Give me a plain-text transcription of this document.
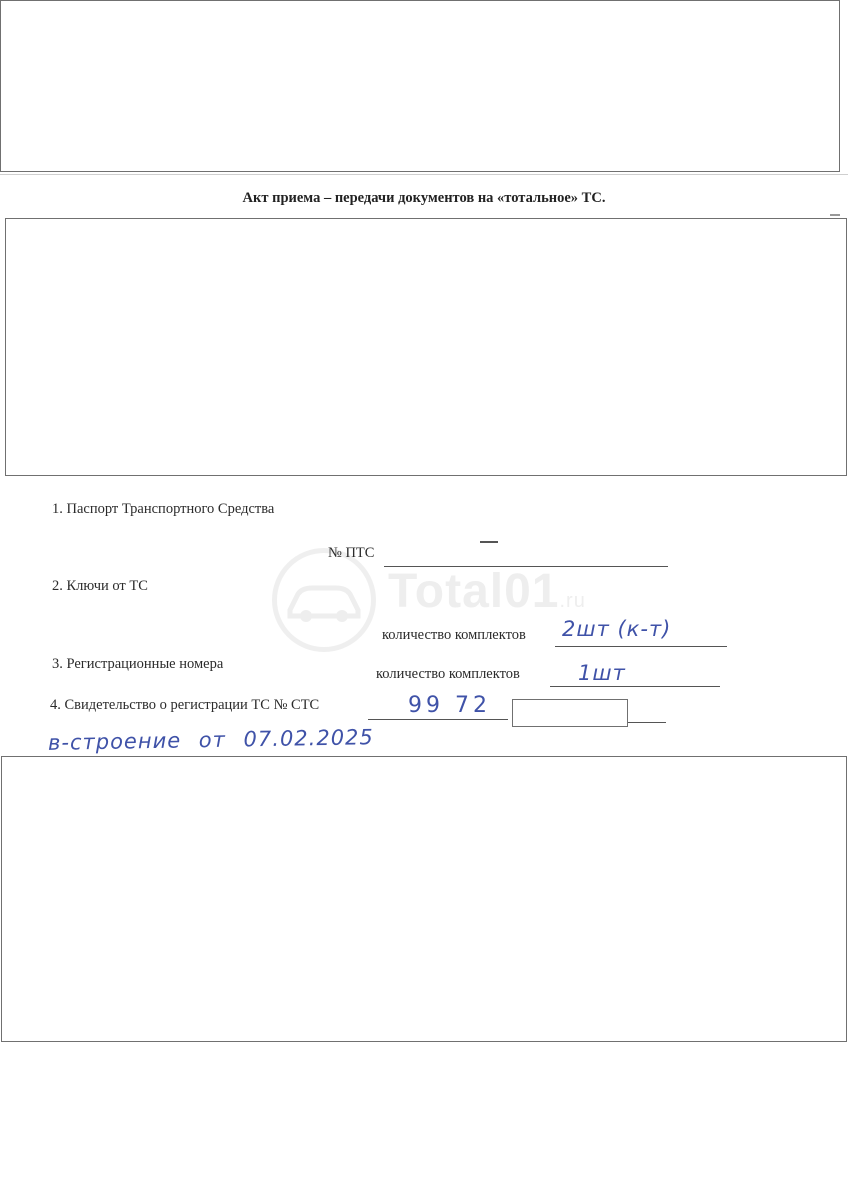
Акт приема – передачи документов на «тотальное» ТС.
Total01.ru
1. Паспорт Транспортного Средства
№ ПТС
2. Ключи от ТС
количество комплектов 2шт (к-т)
3. Регистрационные номера
количество комплектов	1шт
4. Свидетельство о регистрации ТС № СТС	99 72
в-строение от 07.02.2025
